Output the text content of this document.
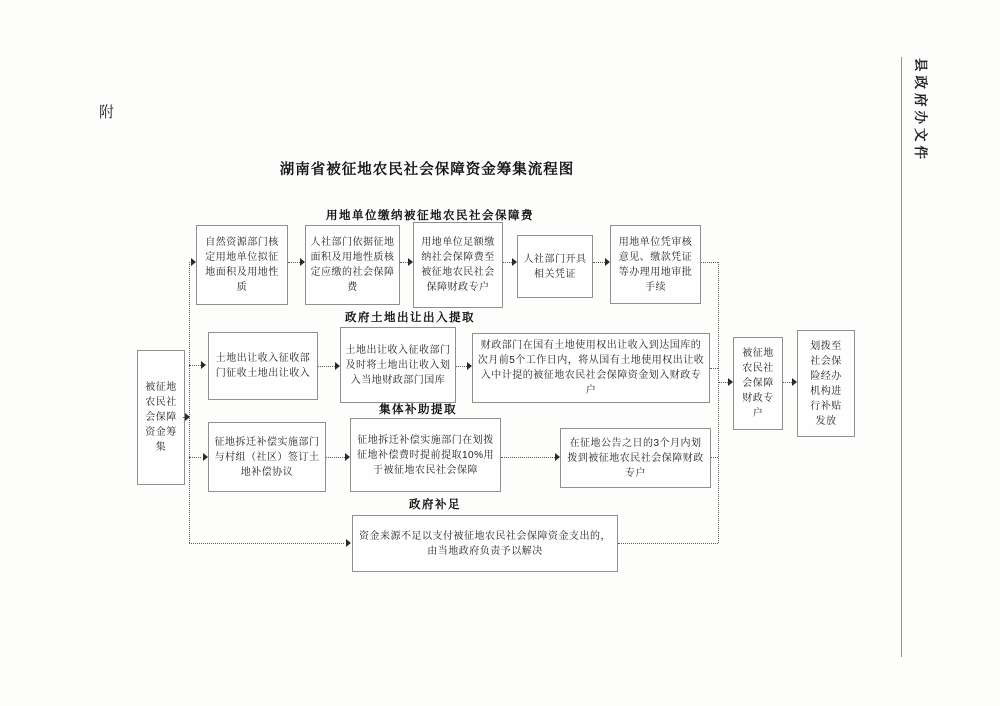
附
湖南省被征地农民社会保障资金筹集流程图
县政府办文件
用地单位缴纳被征地农民社会保障费
政府土地出让出入提取
集体补助提取
政府补足
被征地农民社会保障资金筹集
被征地农民社会保障财政专户
划拨至社会保险经办机构进行补贴发放
自然资源部门核定用地单位拟征地面积及用地性质
人社部门依据征地面积及用地性质核定应缴的社会保障费
用地单位足额缴纳社会保障费至被征地农民社会保障财政专户
人社部门开具相关凭证
用地单位凭审核意见、缴款凭证等办理用地审批手续
土地出让收入征收部门征收土地出让收入
土地出让收入征收部门及时将土地出让收入划入当地财政部门国库
财政部门在国有土地使用权出让收入到达国库的次月前5个工作日内，将从国有土地使用权出让收入中计提的被征地农民社会保障资金划入财政专户
征地拆迁补偿实施部门与村组（社区）签订土地补偿协议
征地拆迁补偿实施部门在划拨征地补偿费时提前提取10%用于被征地农民社会保障
在征地公告之日的3个月内划拨到被征地农民社会保障财政专户
资金来源不足以支付被征地农民社会保障资金支出的，由当地政府负责予以解决
